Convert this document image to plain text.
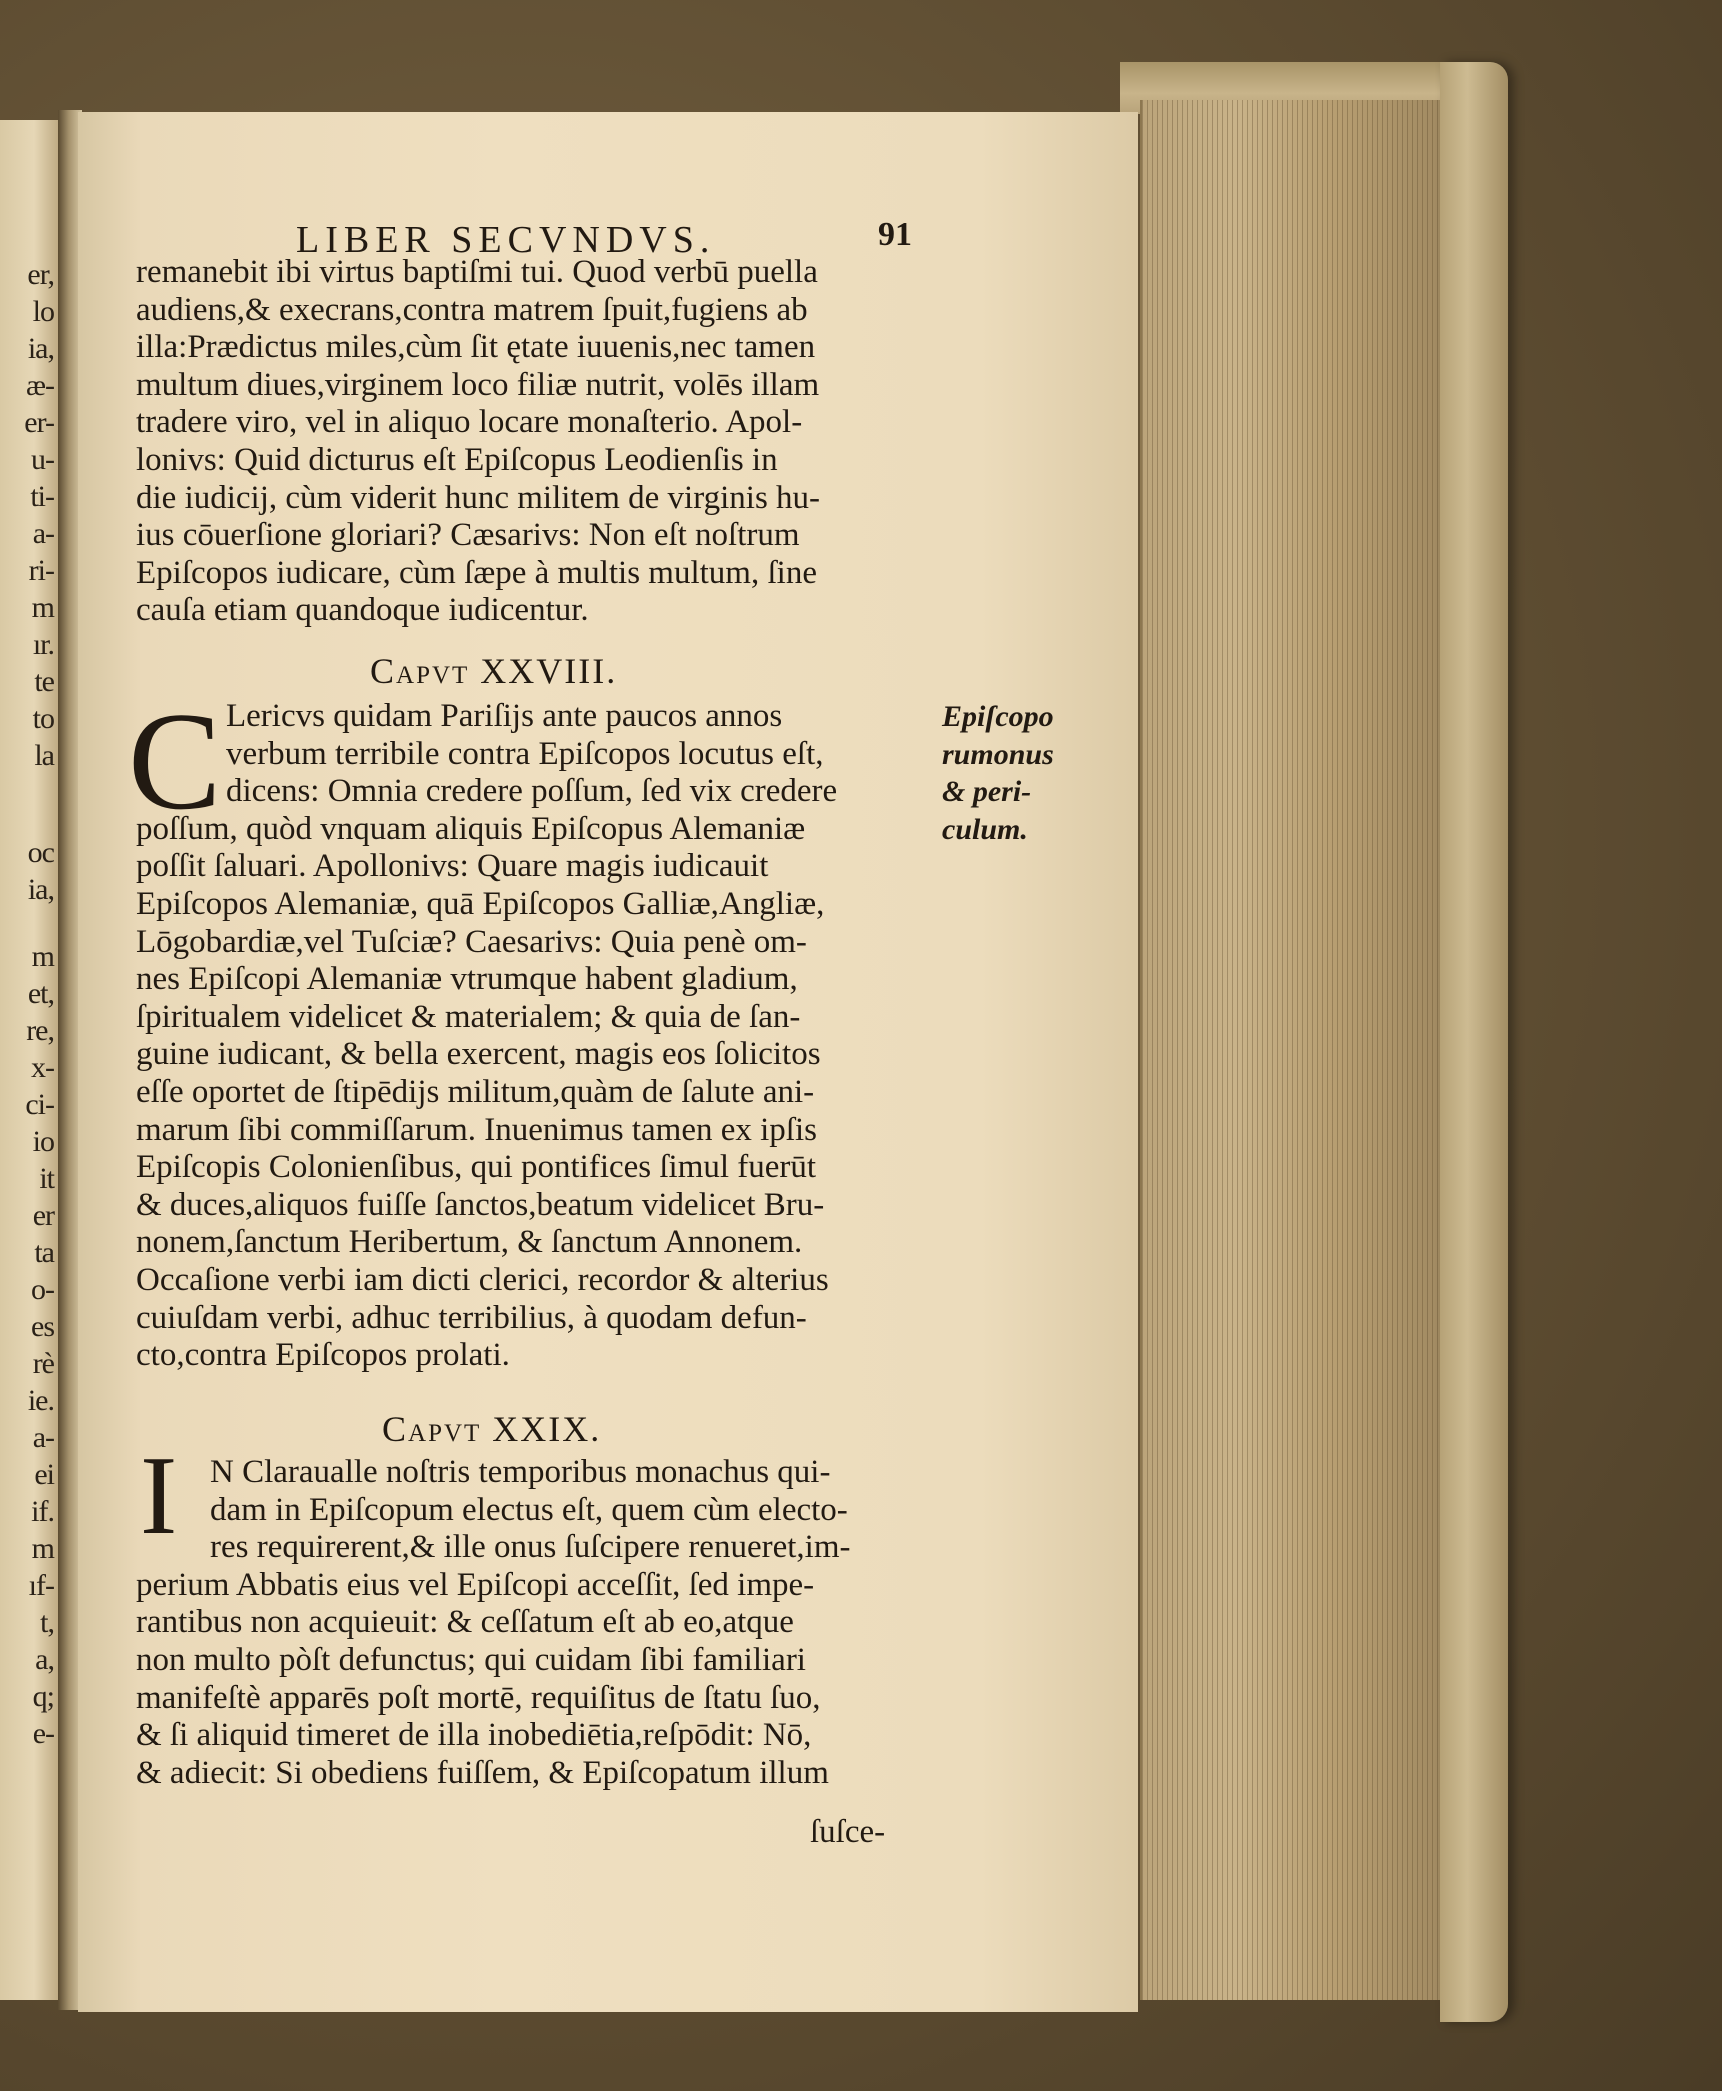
er,
lo
ia,
æ-
er-
u-
ti-
a-
ri-
m
ır.
te
to
la
oc
ia,
m
et,
re,
x-
ci-
io
it
er
ta
o-
es
rè
ie.
a-
ei
if.
m
ıf-
t,
a,
q;
e-
LIBER SECVNDVS.	91
remanebit ibi virtus baptiſmi tui. Quod verbū puella
audiens,& execrans,contra matrem ſpuit,fugiens ab
illa:Prædictus miles,cùm ſit ętate iuuenis,nec tamen
multum diues,virginem loco filiæ nutrit, volēs illam
tradere viro, vel in aliquo locare monaſterio. Apol-
lonivs: Quid dicturus eſt Epiſcopus Leodienſis in
die iudicij, cùm viderit hunc militem de virginis hu-
ius cōuerſione gloriari? Cæsarivs: Non eſt noſtrum
Epiſcopos iudicare, cùm ſæpe à multis multum, ſine
cauſa etiam quandoque iudicentur.
Capvt XXVIII.
C Lericvs quidam Pariſijs ante paucos annos
verbum terribile contra Epiſcopos locutus eſt,
dicens: Omnia credere poſſum, ſed vix credere
poſſum, quòd vnquam aliquis Epiſcopus Alemaniæ
poſſit ſaluari. Apollonivs: Quare magis iudicauit
Epiſcopos Alemaniæ, quā Epiſcopos Galliæ,Angliæ,
Lōgobardiæ,vel Tuſciæ? Caesarivs: Quia penè om-
nes Epiſcopi Alemaniæ vtrumque habent gladium,
ſpiritualem videlicet & materialem; & quia de ſan-
guine iudicant, & bella exercent, magis eos ſolicitos
eſſe oportet de ſtipēdijs militum,quàm de ſalute ani-
marum ſibi commiſſarum. Inuenimus tamen ex ipſis
Epiſcopis Colonienſibus, qui pontifices ſimul fuerūt
& duces,aliquos fuiſſe ſanctos,beatum videlicet Bru-
nonem,ſanctum Heribertum, & ſanctum Annonem.
Occaſione verbi iam dicti clerici, recordor & alterius
cuiuſdam verbi, adhuc terribilius, à quodam defun-
cto,contra Epiſcopos prolati.
Epiſcopo
rumonus
& peri-
culum.
Capvt XXIX.
I N Claraualle noſtris temporibus monachus qui-
dam in Epiſcopum electus eſt, quem cùm electo-
res requirerent,& ille onus ſuſcipere renueret,im-
perium Abbatis eius vel Epiſcopi acceſſit, ſed impe-
rantibus non acquieuit: & ceſſatum eſt ab eo,atque
non multo pòſt defunctus; qui cuidam ſibi familiari
manifeſtè apparēs poſt mortē, requiſitus de ſtatu ſuo,
& ſi aliquid timeret de illa inobediētia,reſpōdit: Nō,
& adiecit: Si obediens fuiſſem, & Epiſcopatum illum
ſuſce-
